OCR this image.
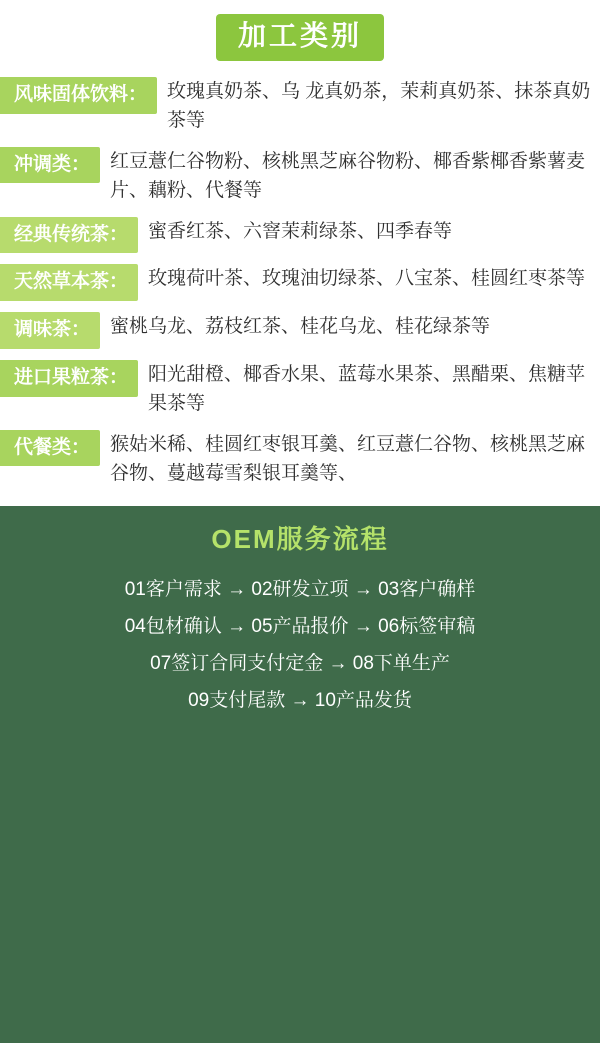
加工类别
风味固体饮料：	玫瑰真奶茶、乌 龙真奶茶，茉莉真奶茶、抹茶真奶茶等
冲调类：	红豆薏仁谷物粉、核桃黑芝麻谷物粉、椰香紫椰香紫薯麦片、藕粉、代餐等
经典传统茶：	蜜香红茶、六窨茉莉绿茶、四季春等
天然草本茶：	玫瑰荷叶茶、玫瑰油切绿茶、八宝茶、桂圆红枣茶等
调味茶：	蜜桃乌龙、荔枝红茶、桂花乌龙、桂花绿茶等
进口果粒茶：	阳光甜橙、椰香水果、蓝莓水果茶、黑醋栗、焦糖苹果茶等
代餐类：	猴姑米稀、桂圆红枣银耳羹、红豆薏仁谷物、核桃黑芝麻谷物、蔓越莓雪梨银耳羹等、
OEM服务流程
01客户需求 → 02研发立项 → 03客户确样
04包材确认 → 05产品报价 → 06标签审稿
07签订合同支付定金 → 08下单生产
09支付尾款 → 10产品发货
